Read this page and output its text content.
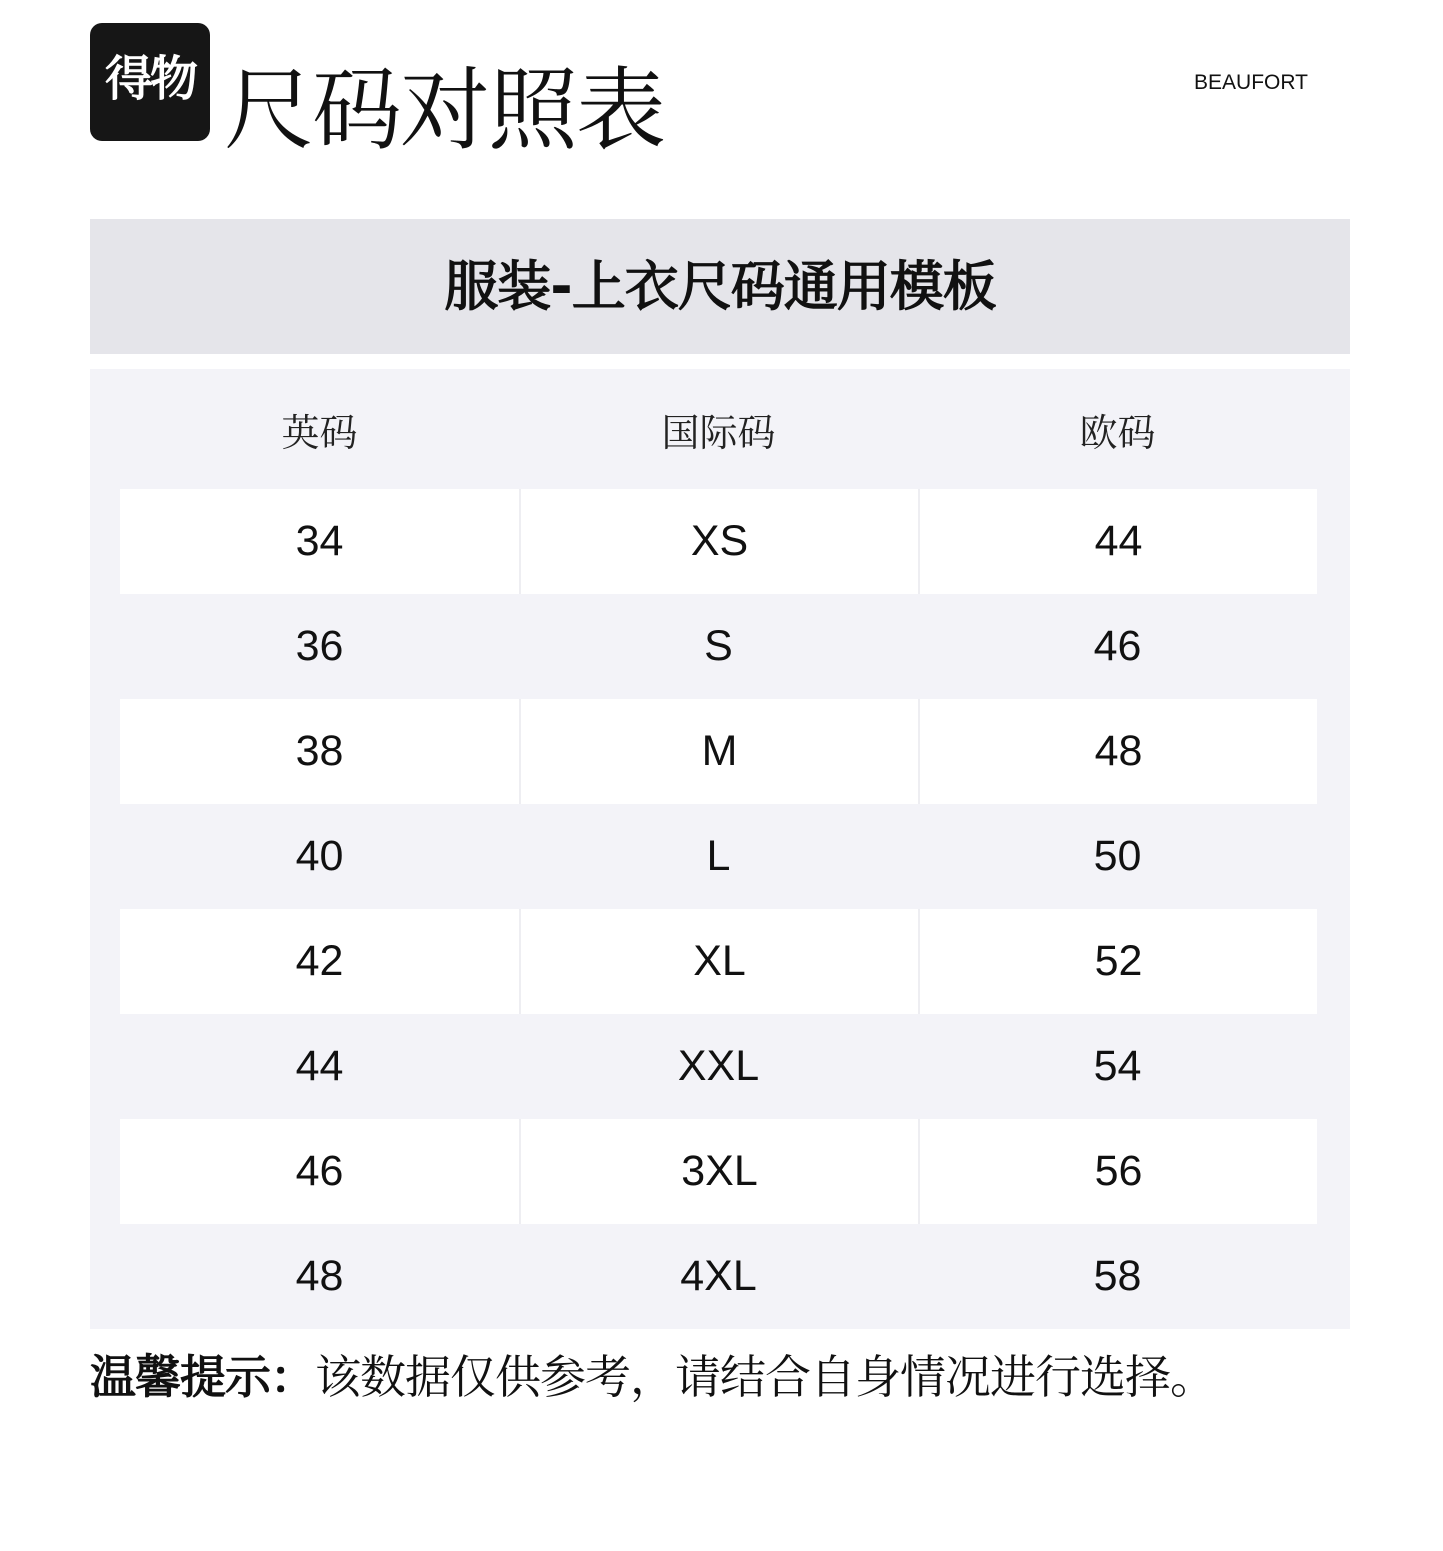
得物 尺码对照表	BEAUFORT
服装-上衣尺码通用模板
英码	国际码	欧码
34	XS	44
36	S	46
38	M	48
40	L	50
42	XL	52
44	XXL	54
46	3XL	56
48	4XL	58

温馨提示： 该数据仅供参考，请结合自身情况进行选择。
